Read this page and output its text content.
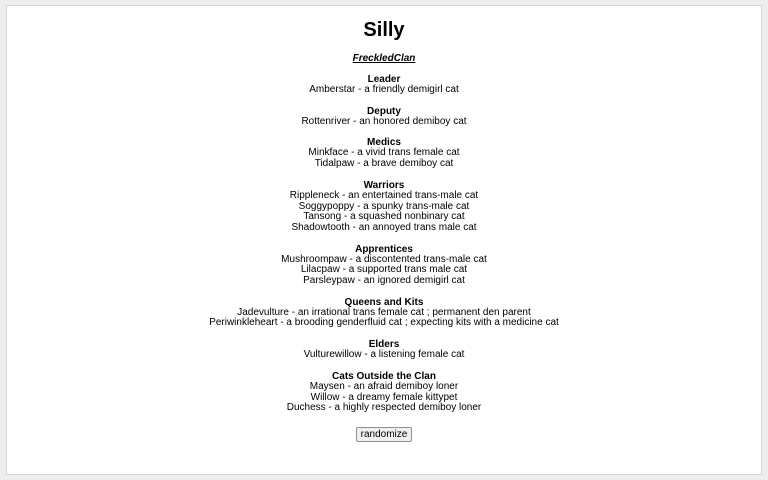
Silly
FreckledClan
Leader
Amberstar - a friendly demigirl cat
Deputy
Rottenriver - an honored demiboy cat
Medics
Minkface - a vivid trans female cat
Tidalpaw - a brave demiboy cat
Warriors
Rippleneck - an entertained trans-male cat
Soggypoppy - a spunky trans-male cat
Tansong - a squashed nonbinary cat
Shadowtooth - an annoyed trans male cat
Apprentices
Mushroompaw - a discontented trans-male cat
Lilacpaw - a supported trans male cat
Parsleypaw - an ignored demigirl cat
Queens and Kits
Jadevulture - an irrational trans female cat ; permanent den parent
Periwinkleheart - a brooding genderfluid cat ; expecting kits with a medicine cat
Elders
Vulturewillow - a listening female cat
Cats Outside the Clan
Maysen - an afraid demiboy loner
Willow - a dreamy female kittypet
Duchess - a highly respected demiboy loner
randomize
